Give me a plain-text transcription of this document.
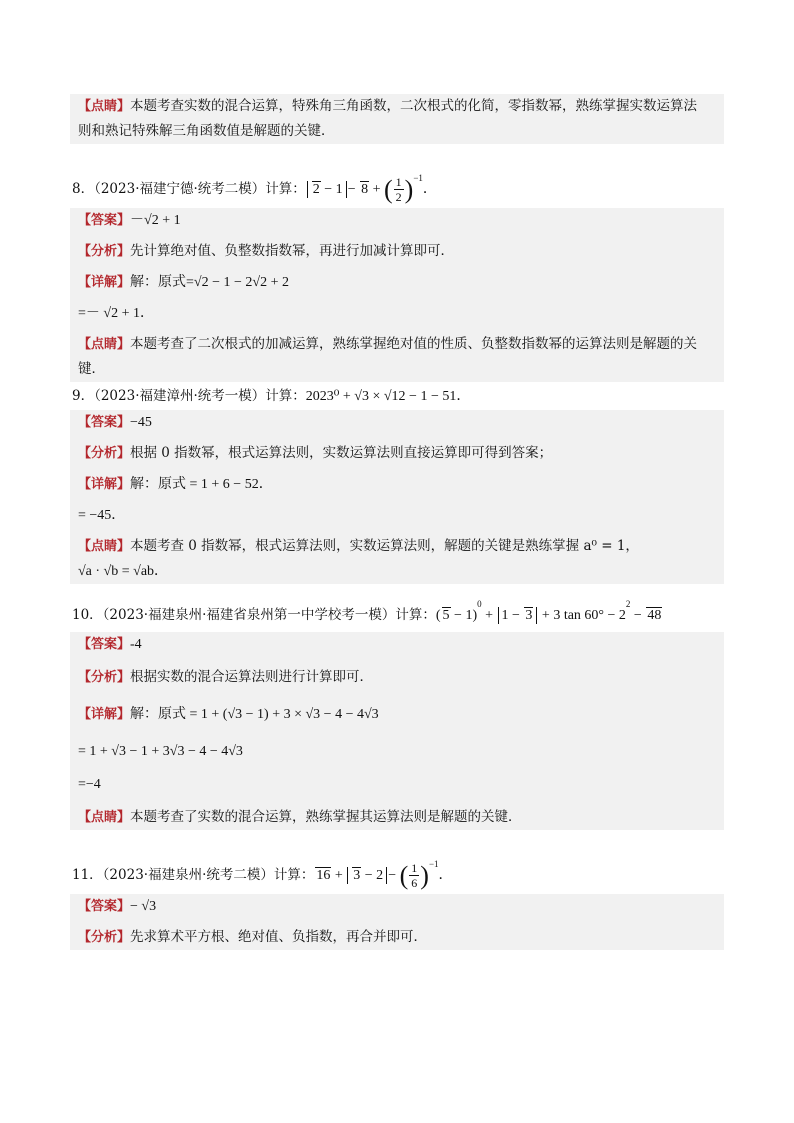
【点睛】本题考查实数的混合运算，特殊角三角函数，二次根式的化简，零指数幂，熟练掌握实数运算法
则和熟记特殊解三角函数值是解题的关键．
8．（2023·福建宁德·统考二模）计算： 2 − 1 − 8 + ( $\frac{1}{2} )^{-1}$．
【答案】－√2 + 1
【分析】先计算绝对值、负整数指数幂，再进行加减计算即可．
【详解】解：原式=√2 − 1 − 2√2 + 2
=－ √2 + 1．
【点睛】本题考查了二次根式的加减运算，熟练掌握绝对值的性质、负整数指数幂的运算法则是解题的关
键．
9．（2023·福建漳州·统考一模）计算：2023⁰ + √3 × √12 − 1 − 51．
【答案】−45
【分析】根据 0 指数幂，根式运算法则，实数运算法则直接运算即可得到答案；
【详解】解：原式 = 1 + 6 − 52．
= −45．
【点睛】本题考查 0 指数幂，根式运算法则，实数运算法则，解题的关键是熟练掌握 a⁰ = 1，
√a · √b = √ab．
10．（2023·福建泉州·福建省泉州第一中学校考一模）计算：( 5 − 1)$^0$ + 1 − 3 + 3 $\tan 60^\circ - 2^2 - 48$
【答案】-4
【分析】根据实数的混合运算法则进行计算即可．
【详解】解：原式 = 1 + (√3 − 1) + 3 × √3 − 4 − 4√3
= 1 + √3 − 1 + 3√3 − 4 − 4√3
=−4
【点睛】本题考查了实数的混合运算，熟练掌握其运算法则是解题的关键．
11．（2023·福建泉州·统考二模）计算： 16 + 3 − 2 − ( $\frac{1}{6} )^{-1}$．
【答案】− √3
【分析】先求算术平方根、绝对值、负指数，再合并即可．
